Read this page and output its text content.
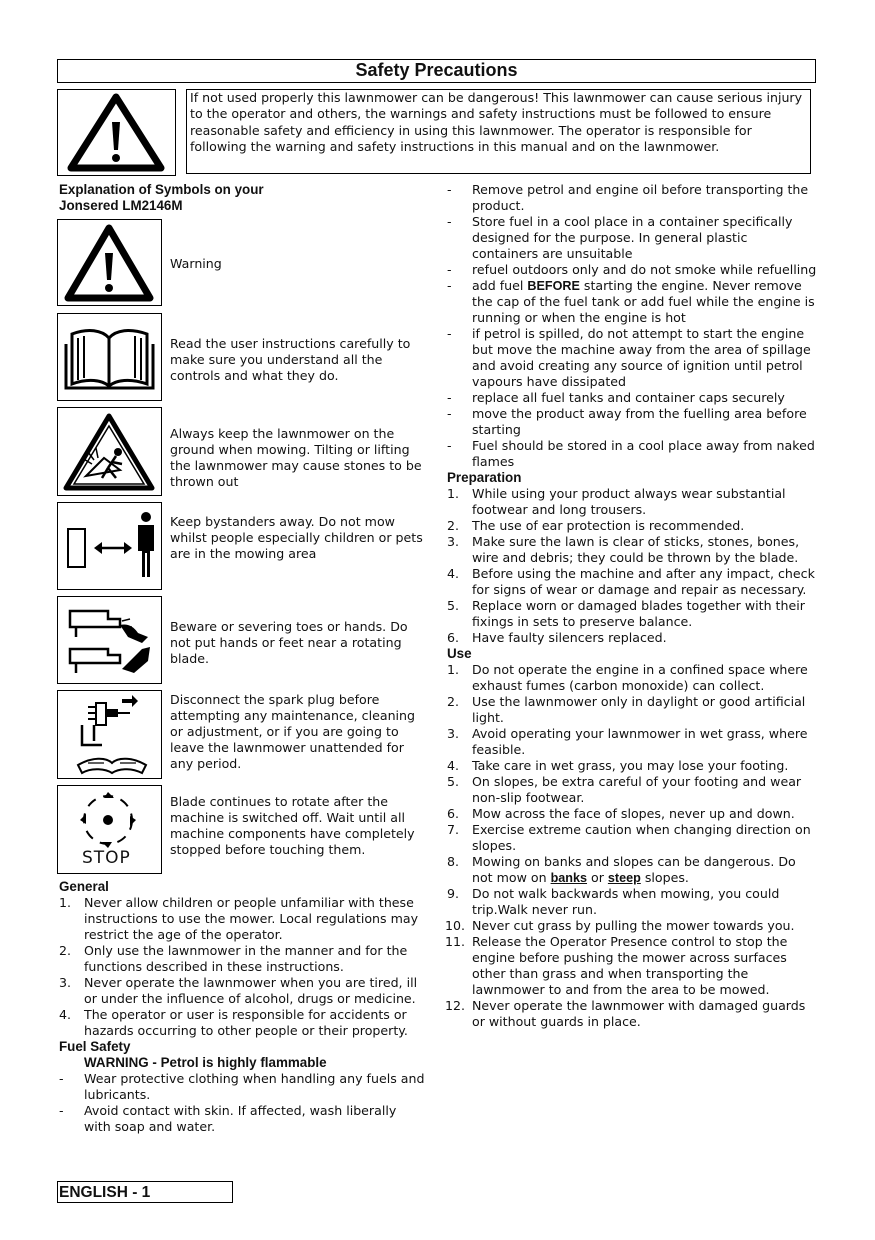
Safety Precautions
If not used properly this lawnmower can be dangerous! This lawnmower can cause serious injury to the operator and others, the warnings and safety instructions must be followed to ensure reasonable safety and efficiency in using this lawnmower. The operator is responsible for following the warning and safety instructions in this manual and on the lawnmower.
Explanation of Symbols on your
Jonsered LM2146M
Warning
Read the user instructions carefully to make sure you understand all the controls and what they do.
Always keep the lawnmower on the ground when mowing. Tilting or lifting the lawnmower may cause stones to be thrown out
Keep bystanders away. Do not mow whilst people especially children or pets are in the mowing area
Beware or severing toes or hands. Do not put hands or feet near a rotating blade.
Disconnect the spark plug before attempting any maintenance, cleaning or adjustment, or if you are going to leave the lawnmower unattended for any period.
STOP
Blade continues to rotate after the machine is switched off. Wait until all machine components have completely stopped before touching them.
General
1. Never allow children or people unfamiliar with these instructions to use the mower. Local regulations may restrict the age of the operator.
2. Only use the lawnmower in the manner and for the functions described in these instructions.
3. Never operate the lawnmower when you are tired, ill or under the influence of alcohol, drugs or medicine.
4. The operator or user is responsible for accidents or hazards occurring to other people or their property.
Fuel Safety
WARNING - Petrol is highly flammable
- Wear protective clothing when handling any fuels and lubricants.
- Avoid contact with skin. If affected, wash liberally with soap and water.
- Remove petrol and engine oil before transporting the product.
- Store fuel in a cool place in a container specifically designed for the purpose. In general plastic containers are unsuitable
- refuel outdoors only and do not smoke while refuelling
- add fuel BEFORE starting the engine. Never remove the cap of the fuel tank or add fuel while the engine is running or when the engine is hot
- if petrol is spilled, do not attempt to start the engine but move the machine away from the area of spillage and avoid creating any source of ignition until petrol vapours have dissipated
- replace all fuel tanks and container caps securely
- move the product away from the fuelling area before starting
- Fuel should be stored in a cool place away from naked flames
Preparation
1. While using your product always wear substantial footwear and long trousers.
2. The use of ear protection is recommended.
3. Make sure the lawn is clear of sticks, stones, bones, wire and debris; they could be thrown by the blade.
4. Before using the machine and after any impact, check for signs of wear or damage and repair as necessary.
5. Replace worn or damaged blades together with their fixings in sets to preserve balance.
6. Have faulty silencers replaced.
Use
1. Do not operate the engine in a confined space where exhaust fumes (carbon monoxide) can collect.
2. Use the lawnmower only in daylight or good artificial light.
3. Avoid operating your lawnmower in wet grass, where feasible.
4. Take care in wet grass, you may lose your footing.
5. On slopes, be extra careful of your footing and wear non-slip footwear.
6. Mow across the face of slopes, never up and down.
7. Exercise extreme caution when changing direction on slopes.
8. Mowing on banks and slopes can be dangerous. Do not mow on banks or steep slopes.
9. Do not walk backwards when mowing, you could trip.Walk never run.
10. Never cut grass by pulling the mower towards you.
11. Release the Operator Presence control to stop the engine before pushing the mower across surfaces other than grass and when transporting the lawnmower to and from the area to be mowed.
12. Never operate the lawnmower with damaged guards or without guards in place.
ENGLISH - 1
